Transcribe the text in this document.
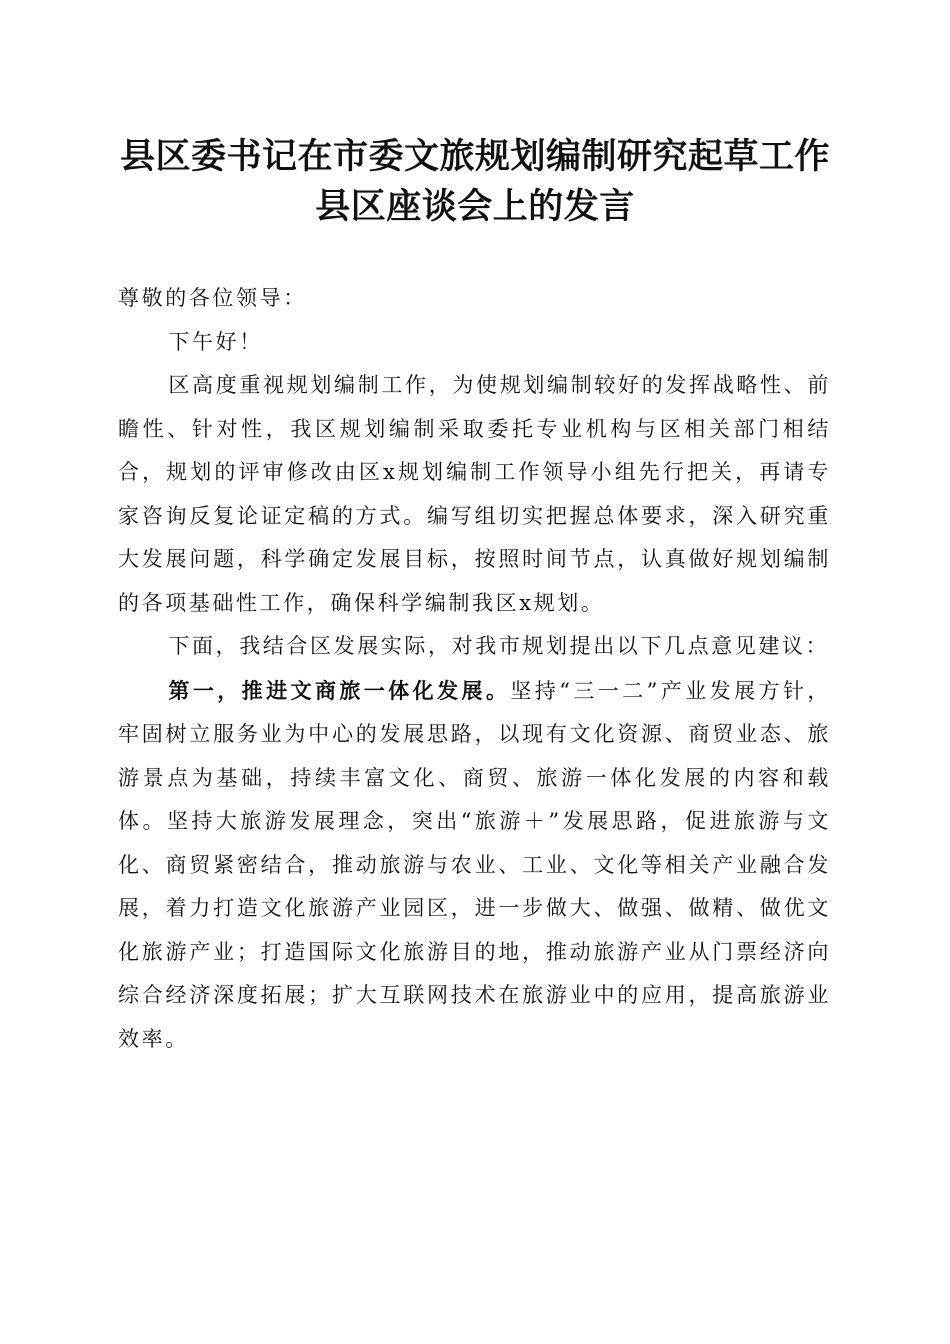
县区委书记在市委文旅规划编制研究起草工作
县区座谈会上的发言

尊敬的各位领导：

下午好！

区高度重视规划编制工作，为使规划编制较好的发挥战略性、前瞻性、针对性，我区规划编制采取委托专业机构与区相关部门相结合，规划的评审修改由区x规划编制工作领导小组先行把关，再请专家咨询反复论证定稿的方式。编写组切实把握总体要求，深入研究重大发展问题，科学确定发展目标，按照时间节点，认真做好规划编制的各项基础性工作，确保科学编制我区x规划。

下面，我结合区发展实际，对我市规划提出以下几点意见建议：

第一，推进文商旅一体化发展。坚持“三一二”产业发展方针，牢固树立服务业为中心的发展思路，以现有文化资源、商贸业态、旅游景点为基础，持续丰富文化、商贸、旅游一体化发展的内容和载体。坚持大旅游发展理念，突出“旅游＋”发展思路，促进旅游与文化、商贸紧密结合，推动旅游与农业、工业、文化等相关产业融合发展，着力打造文化旅游产业园区，进一步做大、做强、做精、做优文化旅游产业；打造国际文化旅游目的地，推动旅游产业从门票经济向综合经济深度拓展；扩大互联网技术在旅游业中的应用，提高旅游业效率。
